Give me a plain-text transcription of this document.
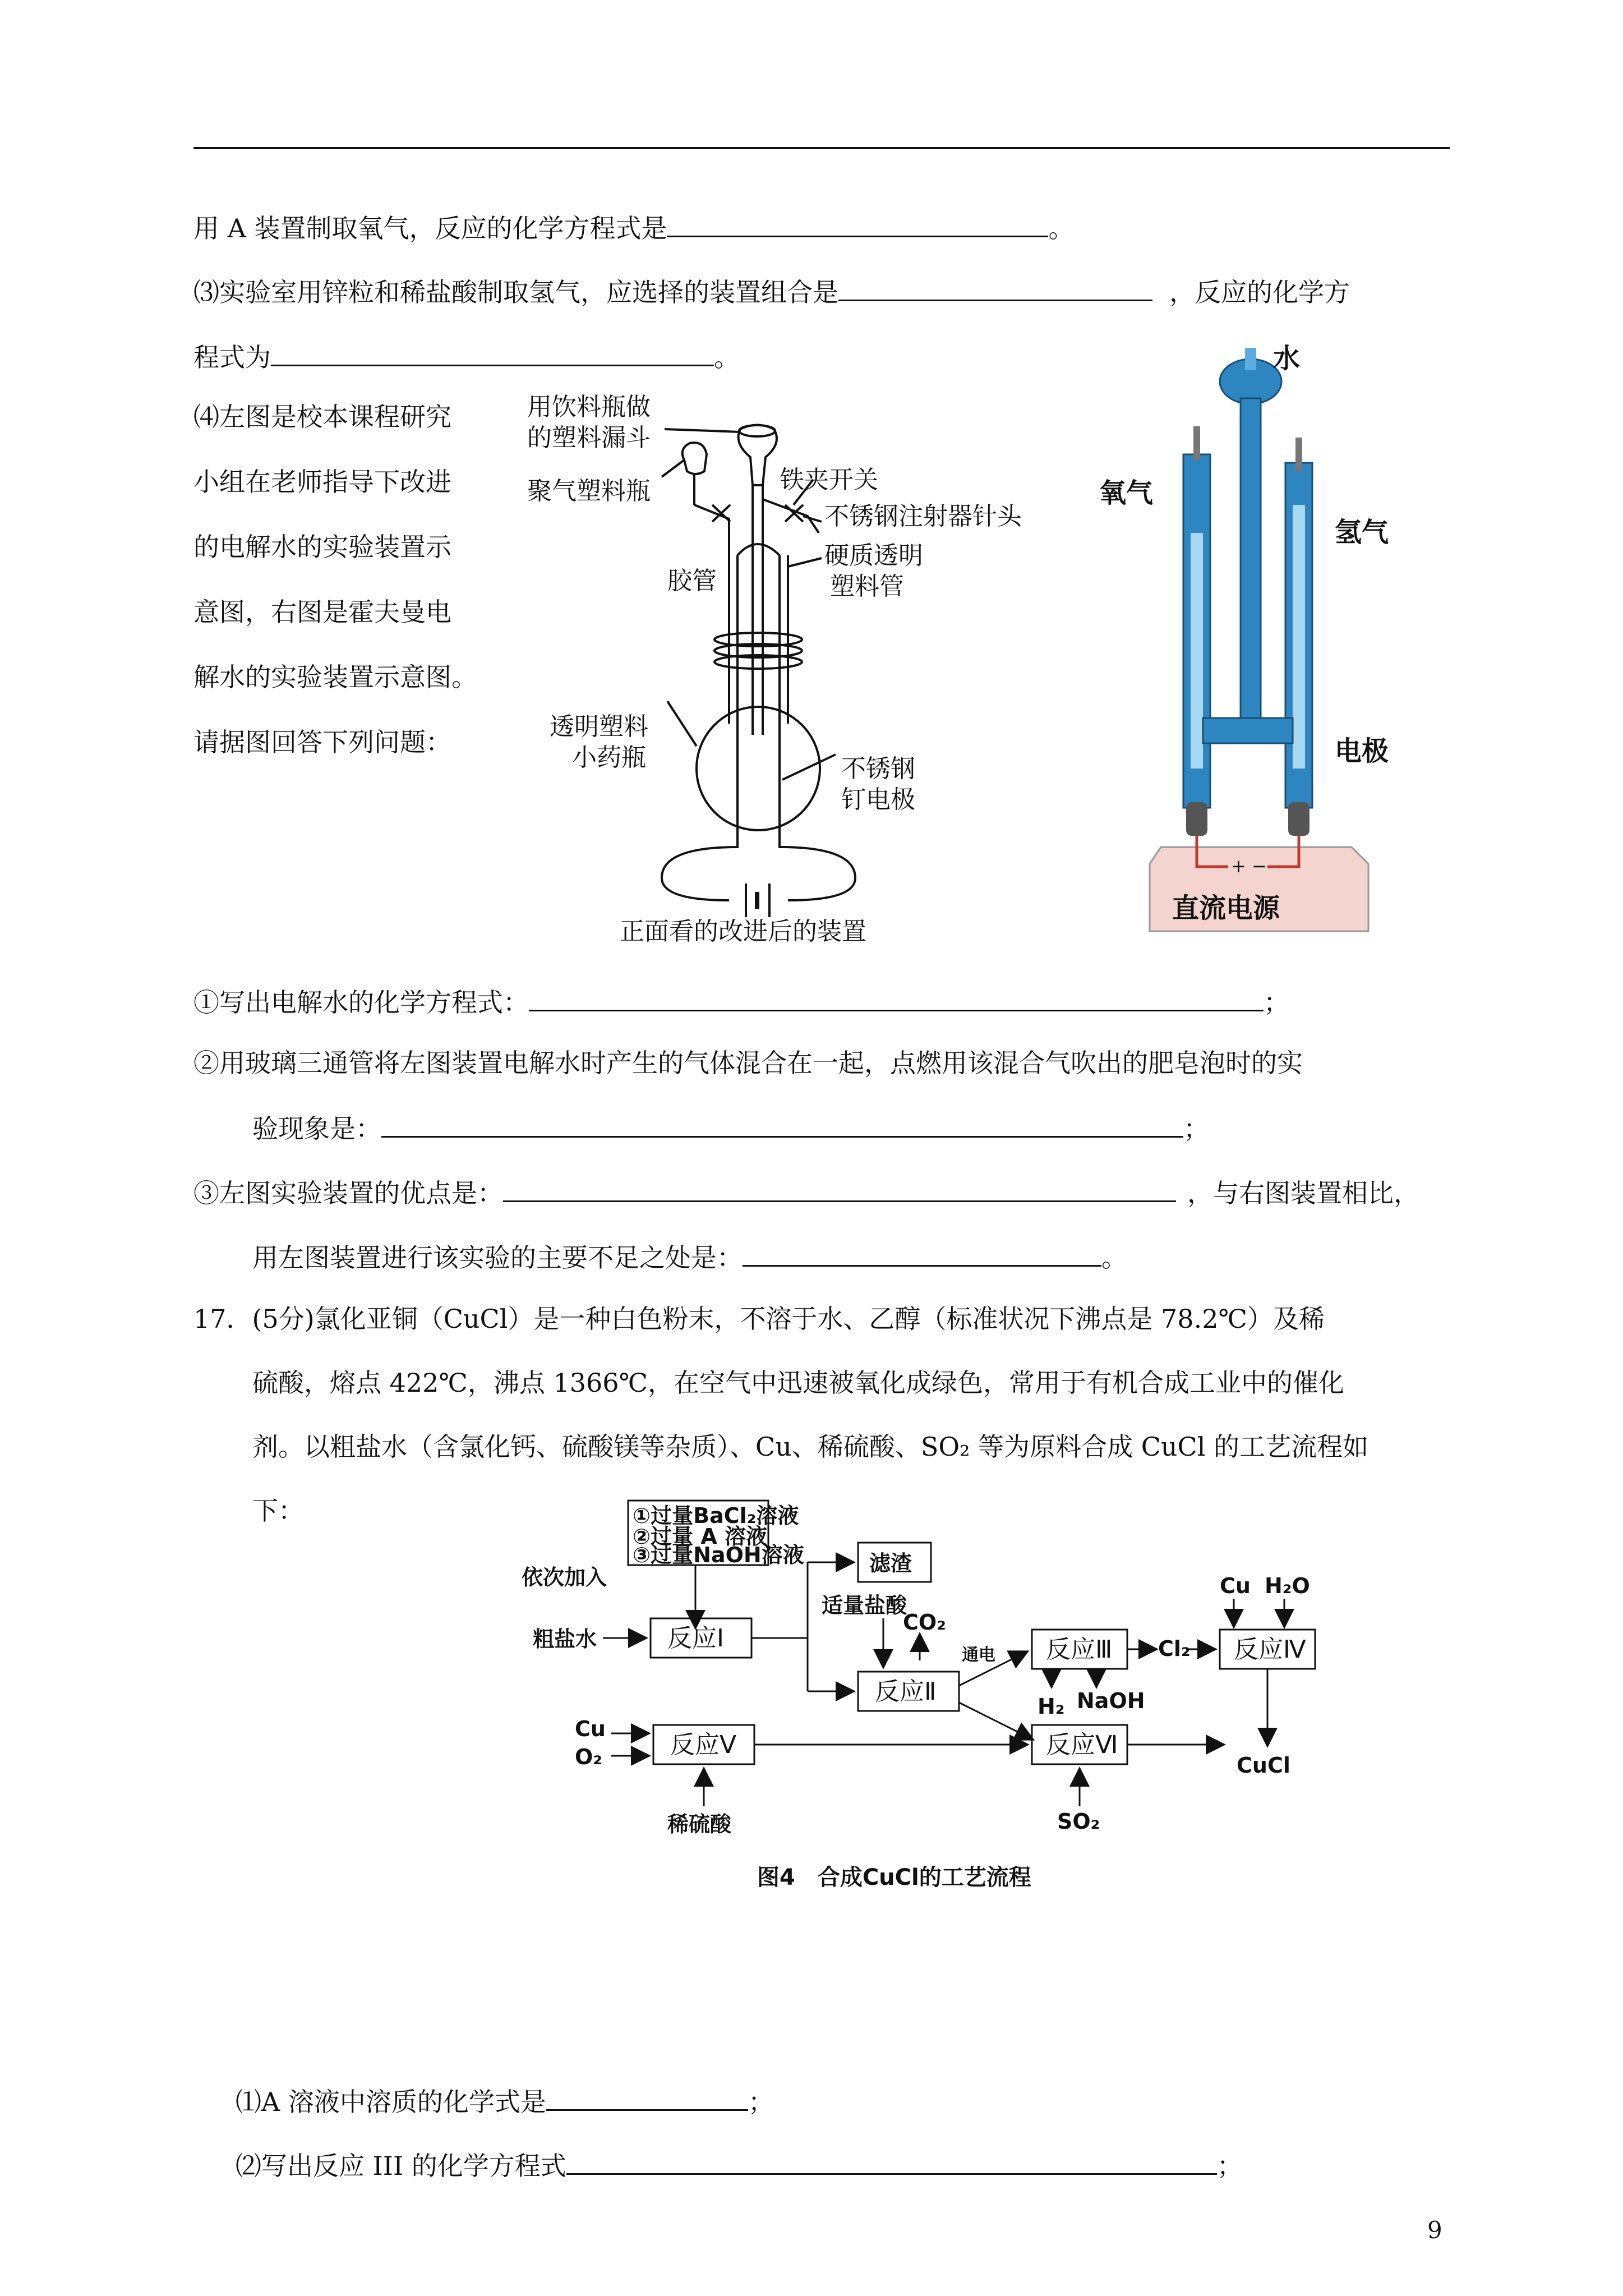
用 A 装置制取氧气，反应的化学方程式是	。
⑶实验室用锌粒和稀盐酸制取氢气，应选择的装置组合是	，反应的化学方
程式为	。
⑷左图是校本课程研究
小组在老师指导下改进
的电解水的实验装置示
意图，右图是霍夫曼电
解水的实验装置示意图。
请据图回答下列问题：
用饮料瓶做
的塑料漏斗
铁夹开关
聚气塑料瓶
不锈钢注射器针头
胶管
硬质透明
塑料管
透明塑料
小药瓶	不锈钢
钉电极
正面看的改进后的装置
+ −
水
氧气
氢气
电极
直流电源
①写出电解水的化学方程式：	；
②用玻璃三通管将左图装置电解水时产生的气体混合在一起，点燃用该混合气吹出的肥皂泡时的实
验现象是：	；
③左图实验装置的优点是：	，与右图装置相比，
用左图装置进行该实验的主要不足之处是：	。
17．(5分)氯化亚铜（CuCl）是一种白色粉末，不溶于水、乙醇（标准状况下沸点是 78.2℃）及稀
硫酸，熔点 422℃，沸点 1366℃，在空气中迅速被氧化成绿色，常用于有机合成工业中的催化
剂。以粗盐水（含氯化钙、硫酸镁等杂质）、Cu、稀硫酸、SO₂ 等为原料合成 CuCl 的工艺流程如
下：	①过量BaCl₂溶液
②过量 A 溶液
③过量NaOH溶液
依次加入
粗盐水
滤渣
适量盐酸
CO₂
通电
H₂ NaOH
Cl₂
Cu H₂O
CuCl
Cu
O₂
稀硫酸	SO₂
图4　合成CuCl的工艺流程
反应Ⅰ
反应Ⅱ
反应Ⅲ	反应Ⅳ
反应Ⅴ	反应Ⅵ
⑴A 溶液中溶质的化学式是	；
⑵写出反应 III 的化学方程式	；
9
